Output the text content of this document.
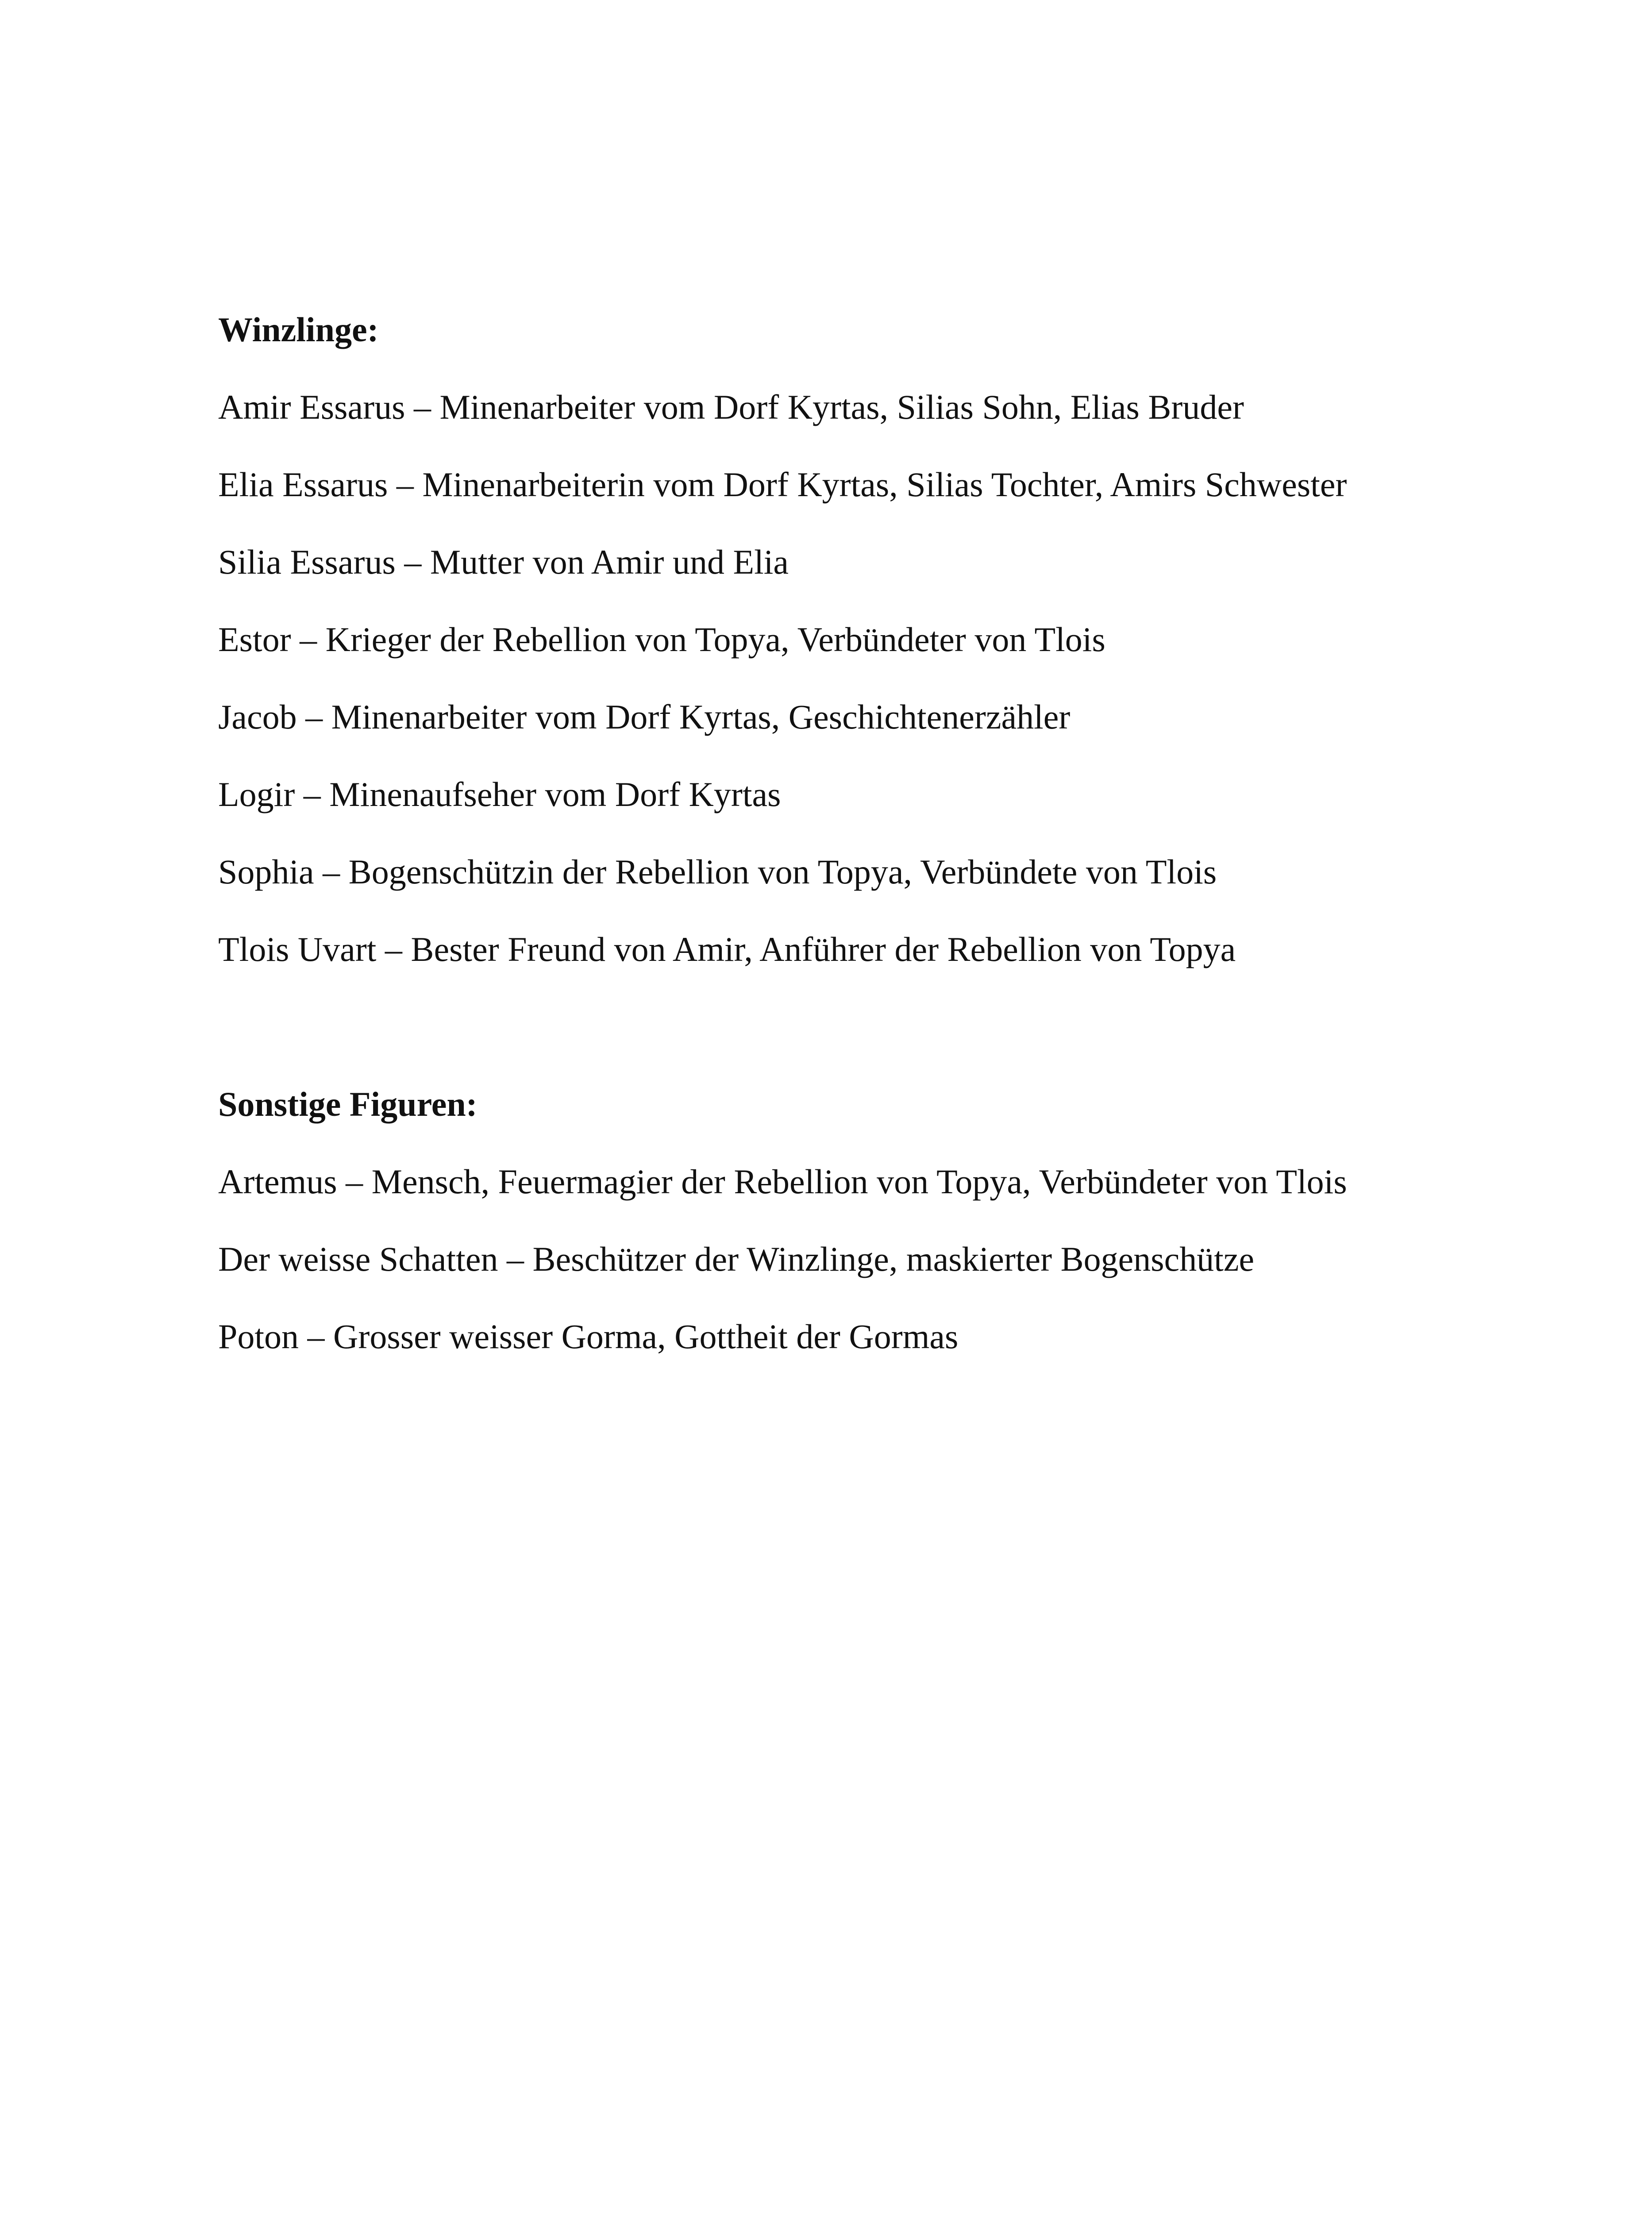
Winzlinge:

Amir Essarus – Minenarbeiter vom Dorf Kyrtas, Silias Sohn, Elias Bruder

Elia Essarus – Minenarbeiterin vom Dorf Kyrtas, Silias Tochter, Amirs Schwester

Silia Essarus – Mutter von Amir und Elia

Estor – Krieger der Rebellion von Topya, Verbündeter von Tlois

Jacob – Minenarbeiter vom Dorf Kyrtas, Geschichtenerzähler

Logir – Minenaufseher vom Dorf Kyrtas

Sophia – Bogenschützin der Rebellion von Topya, Verbündete von Tlois

Tlois Uvart – Bester Freund von Amir, Anführer der Rebellion von Topya

Sonstige Figuren:

Artemus – Mensch, Feuermagier der Rebellion von Topya, Verbündeter von Tlois

Der weisse Schatten – Beschützer der Winzlinge, maskierter Bogenschütze

Poton – Grosser weisser Gorma, Gottheit der Gormas
